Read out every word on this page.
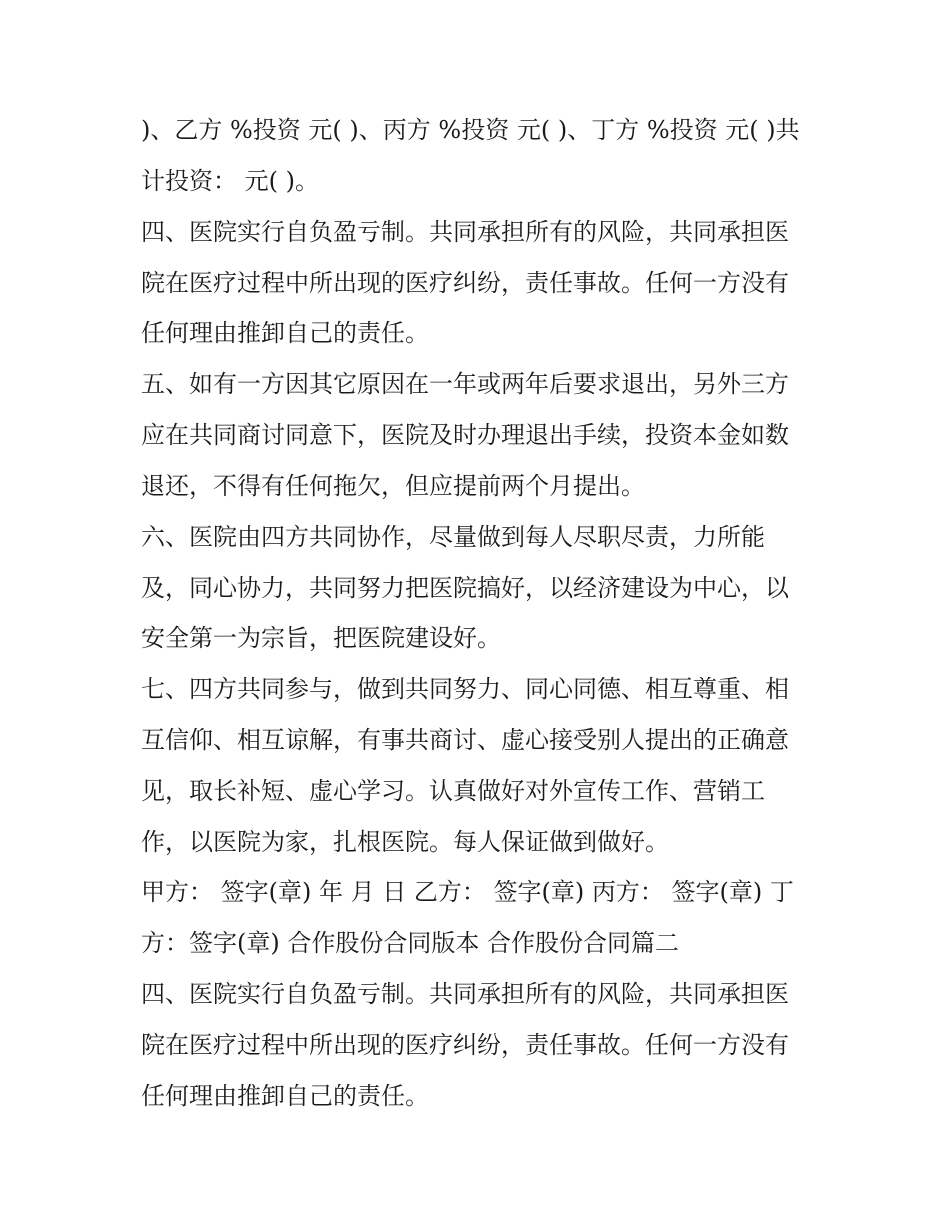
)、乙方 %投资 元( )、丙方 %投资 元( )、丁方 %投资 元( )共
计投资： 元( )。
四、医院实行自负盈亏制。共同承担所有的风险，共同承担医
院在医疗过程中所出现的医疗纠纷，责任事故。任何一方没有
任何理由推卸自己的责任。
五、如有一方因其它原因在一年或两年后要求退出，另外三方
应在共同商讨同意下，医院及时办理退出手续，投资本金如数
退还，不得有任何拖欠，但应提前两个月提出。
六、医院由四方共同协作，尽量做到每人尽职尽责，力所能
及，同心协力，共同努力把医院搞好，以经济建设为中心，以
安全第一为宗旨，把医院建设好。
七、四方共同参与，做到共同努力、同心同德、相互尊重、相
互信仰、相互谅解，有事共商讨、虚心接受别人提出的正确意
见，取长补短、虚心学习。认真做好对外宣传工作、营销工
作，以医院为家，扎根医院。每人保证做到做好。
甲方： 签字(章) 年 月 日 乙方： 签字(章) 丙方： 签字(章) 丁
方：签字(章) 合作股份合同版本 合作股份合同篇二
四、医院实行自负盈亏制。共同承担所有的风险，共同承担医
院在医疗过程中所出现的医疗纠纷，责任事故。任何一方没有
任何理由推卸自己的责任。
